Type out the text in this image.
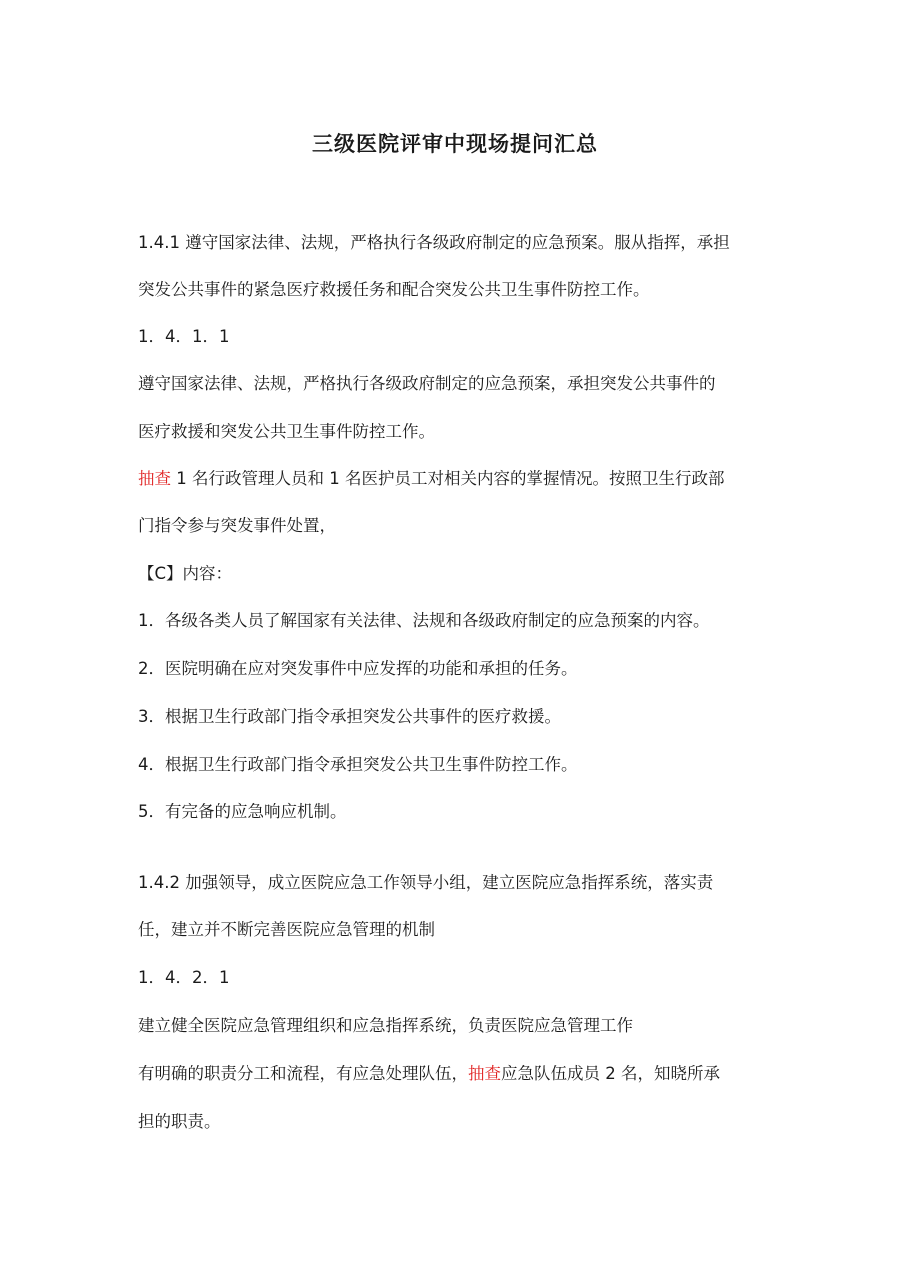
三级医院评审中现场提问汇总
1.4.1 遵守国家法律、法规，严格执行各级政府制定的应急预案。服从指挥，承担
突发公共事件的紧急医疗救援任务和配合突发公共卫生事件防控工作。
1．4．1．1
遵守国家法律、法规，严格执行各级政府制定的应急预案，承担突发公共事件的
医疗救援和突发公共卫生事件防控工作。
抽查 1 名行政管理人员和 1 名医护员工对相关内容的掌握情况。按照卫生行政部
门指令参与突发事件处置，
【C】内容：
1．各级各类人员了解国家有关法律、法规和各级政府制定的应急预案的内容。
2．医院明确在应对突发事件中应发挥的功能和承担的任务。
3．根据卫生行政部门指令承担突发公共事件的医疗救援。
4．根据卫生行政部门指令承担突发公共卫生事件防控工作。
5．有完备的应急响应机制。
1.4.2 加强领导，成立医院应急工作领导小组，建立医院应急指挥系统，落实责
任，建立并不断完善医院应急管理的机制
1．4．2．1
建立健全医院应急管理组织和应急指挥系统，负责医院应急管理工作
有明确的职责分工和流程，有应急处理队伍，抽查应急队伍成员 2 名，知晓所承
担的职责。
